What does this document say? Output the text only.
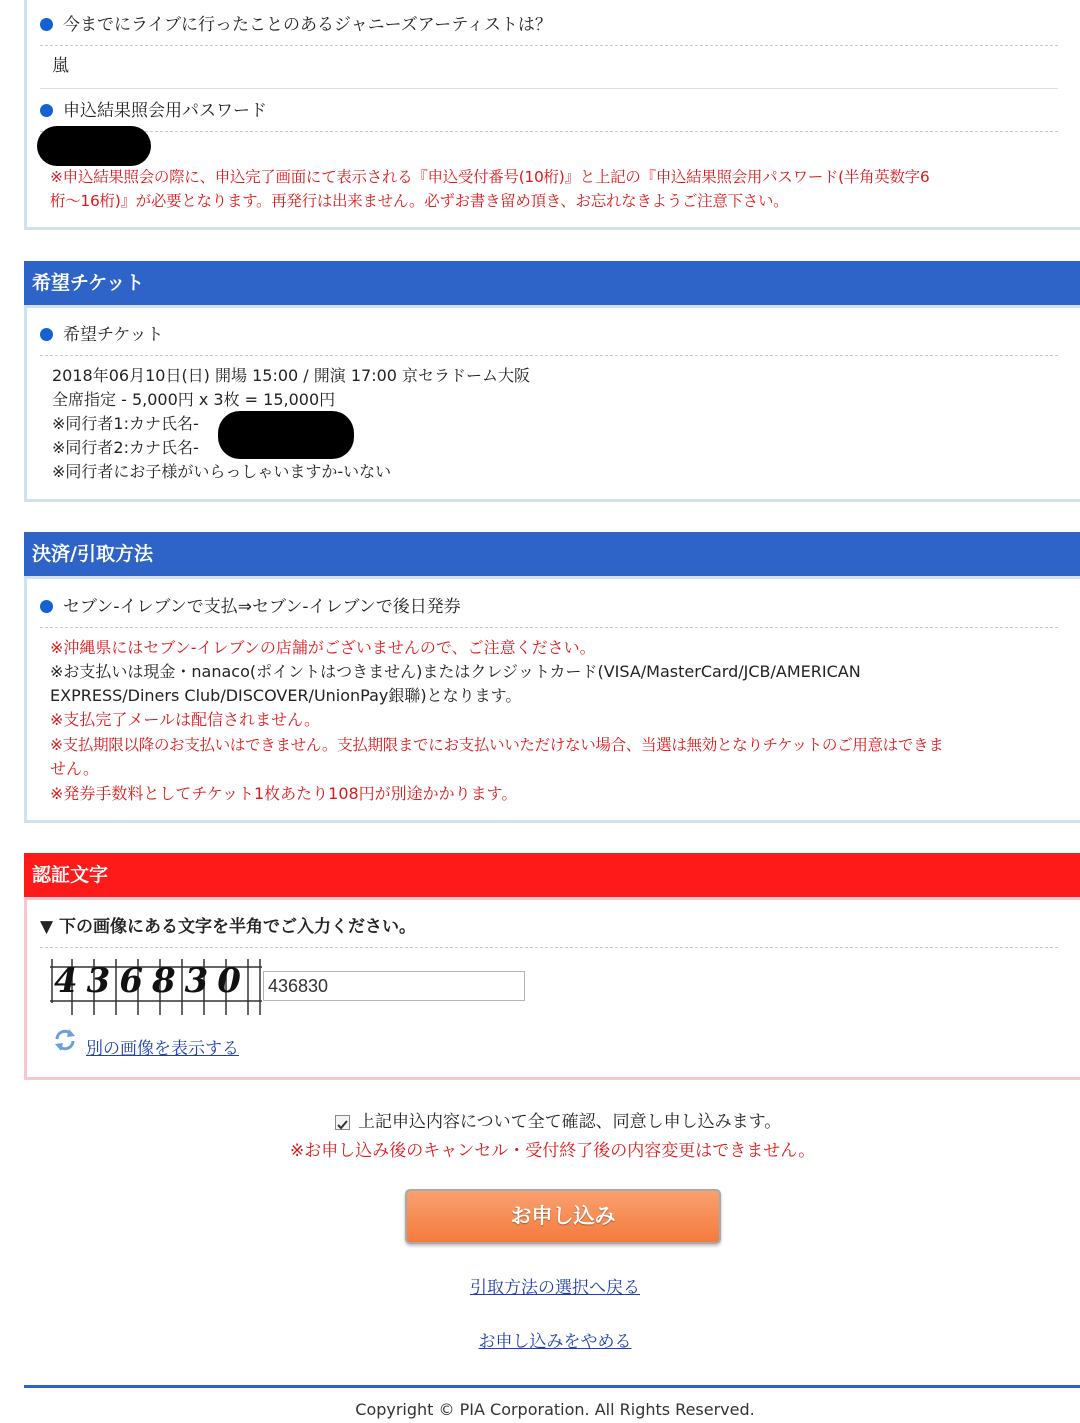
今までにライブに行ったことのあるジャニーズアーティストは？
嵐
申込結果照会用パスワード
※申込結果照会の際に、申込完了画面にて表示される『申込受付番号(10桁)』と上記の『申込結果照会用パスワード(半角英数字6
桁～16桁)』が必要となります。再発行は出来ません。必ずお書き留め頂き、お忘れなきようご注意下さい。
希望チケット
希望チケット
2018年06月10日(日) 開場 15:00 / 開演 17:00 京セラドーム大阪
全席指定 - 5,000円 x 3枚 = 15,000円
※同行者1:カナ氏名-
※同行者2:カナ氏名-
※同行者にお子様がいらっしゃいますか-いない
決済/引取方法
セブン-イレブンで支払⇒セブン-イレブンで後日発券
※沖縄県にはセブン-イレブンの店舗がございませんので、ご注意ください。
※お支払いは現金・nanaco(ポイントはつきません)またはクレジットカード(VISA/MasterCard/JCB/AMERICAN
EXPRESS/Diners Club/DISCOVER/UnionPay銀聯)となります。
※支払完了メールは配信されません。
※支払期限以降のお支払いはできません。支払期限までにお支払いいただけない場合、当選は無効となりチケットのご用意はできま
せん。
※発券手数料としてチケット1枚あたり108円が別途かかります。
認証文字
▼ 下の画像にある文字を半角でご入力ください。
436830
436830
別の画像を表示する
上記申込内容について全て確認、同意し申し込みます。
※お申し込み後のキャンセル・受付終了後の内容変更はできません。
お申し込み
引取方法の選択へ戻る
お申し込みをやめる
Copyright © PIA Corporation. All Rights Reserved.
